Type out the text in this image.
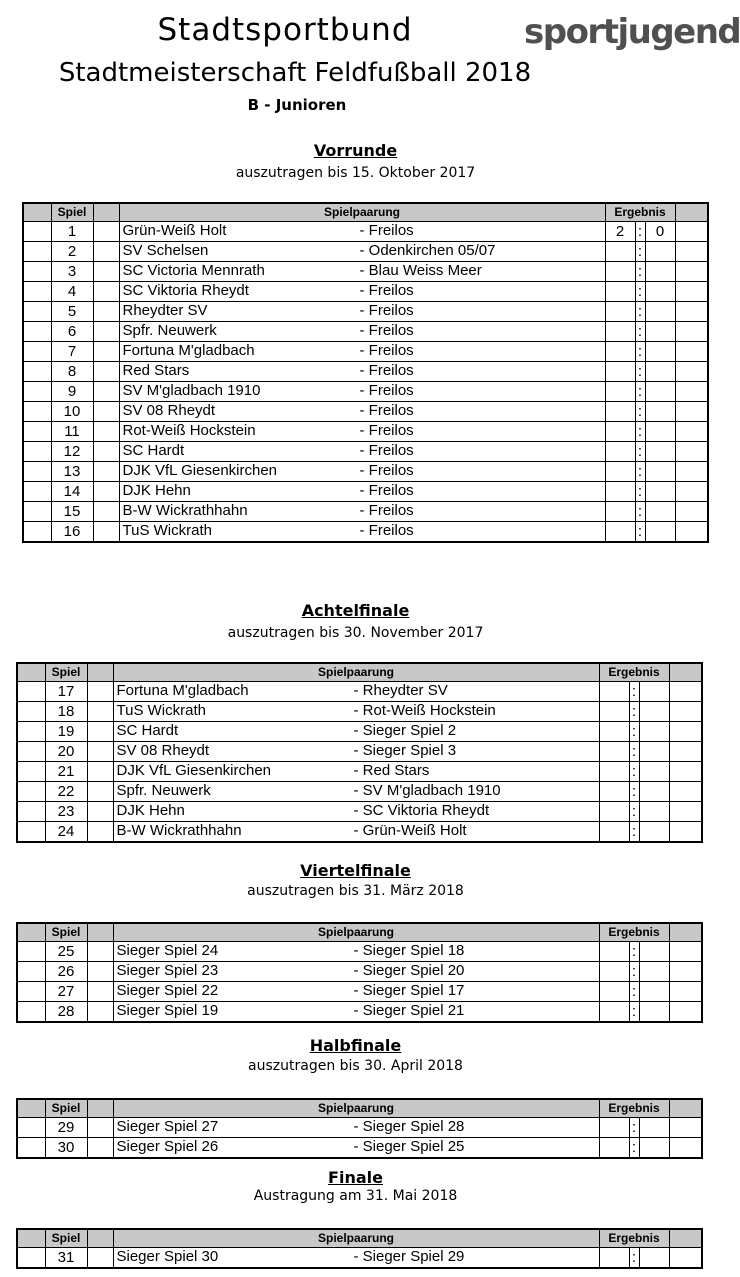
Stadtsportbund
Stadtmeisterschaft Feldfußball 2018
B - Junioren
sportjugend
Vorrunde
auszutragen bis 15. Oktober 2017
	Spiel		Spielpaarung	Ergebnis			
	1		Grün-Weiß Holt - Freilos	2	:	0	
	2		SV Schelsen - Odenkirchen 05/07		:		
	3		SC Victoria Mennrath - Blau Weiss Meer		:		
	4		SC Viktoria Rheydt - Freilos		:		
	5		Rheydter SV - Freilos		:		
	6		Spfr. Neuwerk - Freilos		:		
	7		Fortuna M'gladbach - Freilos		:		
	8		Red Stars - Freilos		:		
	9		SV M'gladbach 1910 - Freilos		:		
	10		SV 08 Rheydt - Freilos		:		
	11		Rot-Weiß Hockstein - Freilos		:		
	12		SC Hardt - Freilos		:		
	13		DJK VfL Giesenkirchen - Freilos		:		
	14		DJK Hehn - Freilos		:		
	15		B-W Wickrathhahn - Freilos		:		
	16		TuS Wickrath - Freilos		:		
Achtelfinale
auszutragen bis 30. November 2017
	Spiel		Spielpaarung	Ergebnis			
	17		Fortuna M'gladbach - Rheydter SV		:		
	18		TuS Wickrath - Rot-Weiß Hockstein		:		
	19		SC Hardt - Sieger Spiel 2		:		
	20		SV 08 Rheydt - Sieger Spiel 3		:		
	21		DJK VfL Giesenkirchen - Red Stars		:		
	22		Spfr. Neuwerk - SV M'gladbach 1910		:		
	23		DJK Hehn - SC Viktoria Rheydt		:		
	24		B-W Wickrathhahn - Grün-Weiß Holt		:		
Viertelfinale
auszutragen bis 31. März 2018
	Spiel		Spielpaarung	Ergebnis			
	25		Sieger Spiel 24 - Sieger Spiel 18		:		
	26		Sieger Spiel 23 - Sieger Spiel 20		:		
	27		Sieger Spiel 22 - Sieger Spiel 17		:		
	28		Sieger Spiel 19 - Sieger Spiel 21		:		
Halbfinale
auszutragen bis 30. April 2018
	Spiel		Spielpaarung	Ergebnis			
	29		Sieger Spiel 27 - Sieger Spiel 28		:		
	30		Sieger Spiel 26 - Sieger Spiel 25		:		
Finale
Austragung am 31. Mai 2018
	Spiel		Spielpaarung	Ergebnis			
	31		Sieger Spiel 30 - Sieger Spiel 29		:		
